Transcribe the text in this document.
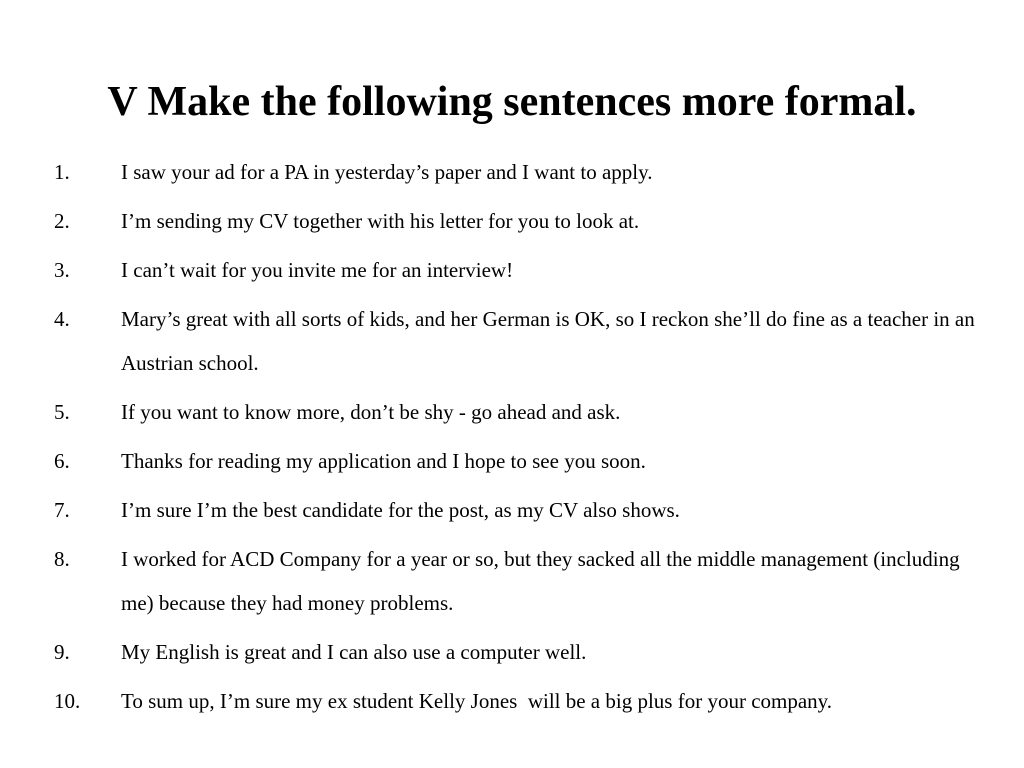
V Make the following sentences more formal.
1.	I saw your ad for a PA in yesterday’s paper and I want to apply.
2.	I’m sending my CV together with his letter for you to look at.
3.	I can’t wait for you invite me for an interview!
4.	Mary’s great with all sorts of kids, and her German is OK, so I reckon she’ll do fine as a teacher in an Austrian school.
5.	If you want to know more, don’t be shy - go ahead and ask.
6.	Thanks for reading my application and I hope to see you soon.
7.	I’m sure I’m the best candidate for the post, as my CV also shows.
8.	I worked for ACD Company for a year or so, but they sacked all the middle management (including me) because they had money problems.
9.	My English is great and I can also use a computer well.
10.	To sum up, I’m sure my ex student Kelly Jones  will be a big plus for your company.
